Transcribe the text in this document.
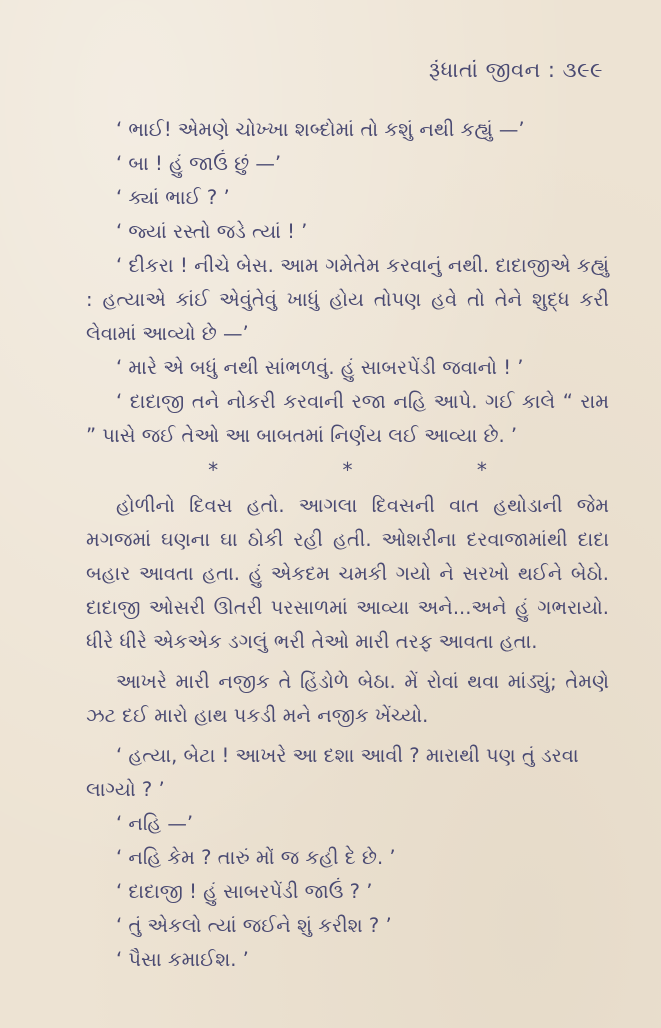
રૂંધાતાં જીવન : ૩૯૯

‘ ભાઈ! એમણે ચોખ્ખા શબ્દોમાં તો કશું નથી કહ્યું —’

‘ બા ! હું જાઉં છું —’

‘ ક્યાં ભાઈ ? ’

‘ જ્યાં રસ્તો જડે ત્યાં ! ’

‘ દીકરા ! નીચે બેસ. આમ ગમેતેમ કરવાનું નથી. દાદાજીએ કહ્યું : હત્યાએ કાંઈ એવુંતેવું ખાધું હોય તોપણ હવે તો તેને શુદ્ધ કરી લેવામાં આવ્યો છે —’

‘ મારે એ બધું નથી સાંભળવું. હું સાબરપેંડી જવાનો ! ’

‘ દાદાજી તને નોકરી કરવાની રજા નહિ આપે. ગઈ કાલે “ રામ ” પાસે જઈ તેઓ આ બાબતમાં નિર્ણય લઈ આવ્યા છે. ’

*	*	*

હોળીનો દિવસ હતો. આગલા દિવસની વાત હથોડાની જેમ મગજમાં ઘણના ઘા ઠોકી રહી હતી. ઓશરીના દરવાજામાંથી દાદા બહાર આવતા હતા. હું એકદમ ચમકી ગયો ને સરખો થઈને બેઠો. દાદાજી ઓસરી ઊતરી પરસાળમાં આવ્યા અને...અને હું ગભરાયો. ધીરે ધીરે એકએક ડગલું ભરી તેઓ મારી તરફ આવતા હતા.

આખરે મારી નજીક તે હિંડોળે બેઠા. મેં રોવાં થવા માંડ્યું; તેમણે ઝટ દઈ મારો હાથ પકડી મને નજીક ખેંચ્યો.

‘ હત્યા, બેટા ! આખરે આ દશા આવી ? મારાથી પણ તું ડરવા લાગ્યો ? ’

‘ નહિ —’

‘ નહિ કેમ ? તારું મોં જ કહી દે છે. ’

‘ દાદાજી ! હું સાબરપેંડી જાઉં ? ’

‘ તું એકલો ત્યાં જઈને શું કરીશ ? ’

‘ પૈસા કમાઈશ. ’
